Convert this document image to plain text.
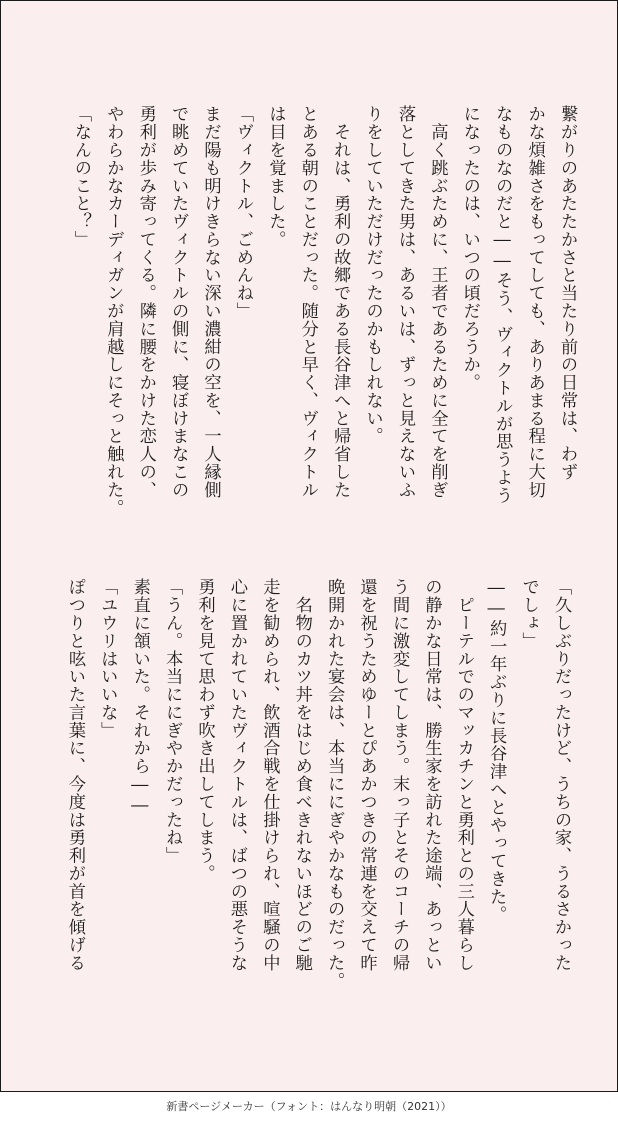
繋がりのあたたかさと当たり前の日常は、わず
かな煩雑さをもってしても、ありあまる程に大切
なものなのだと――そう、ヴィクトルが思うよう
になったのは、いつの頃だろうか。
　高く跳ぶために、王者であるために全てを削ぎ
落としてきた男は、あるいは、ずっと見えないふ
りをしていただけだったのかもしれない。
　それは、勇利の故郷である長谷津へと帰省した
とある朝のことだった。随分と早く、ヴィクトル
は目を覚ました。
「ヴィクトル、ごめんね」
まだ陽も明けきらない深い濃紺の空を、一人縁側
で眺めていたヴィクトルの側に、寝ぼけまなこの
勇利が歩み寄ってくる。隣に腰をかけた恋人の、
やわらかなカーディガンが肩越しにそっと触れた。
「なんのこと？」
「久しぶりだったけど、うちの家、うるさかった
でしょ」
――約一年ぶりに長谷津へとやってきた。
　ピーテルでのマッカチンと勇利との三人暮らし
の静かな日常は、勝生家を訪れた途端、あっとい
う間に激変してしまう。末っ子とそのコーチの帰
還を祝うためゆーとぴあかつきの常連を交えて昨
晩開かれた宴会は、本当ににぎやかなものだった。
　名物のカツ丼をはじめ食べきれないほどのご馳
走を勧められ、飲酒合戦を仕掛けられ、喧騒の中
心に置かれていたヴィクトルは、ばつの悪そうな
勇利を見て思わず吹き出してしまう。
「うん。本当ににぎやかだったね」
素直に頷いた。それから――
「ユウリはいいな」
ぽつりと呟いた言葉に、今度は勇利が首を傾げる
新書ページメーカー（フォント：はんなり明朝（2021））
